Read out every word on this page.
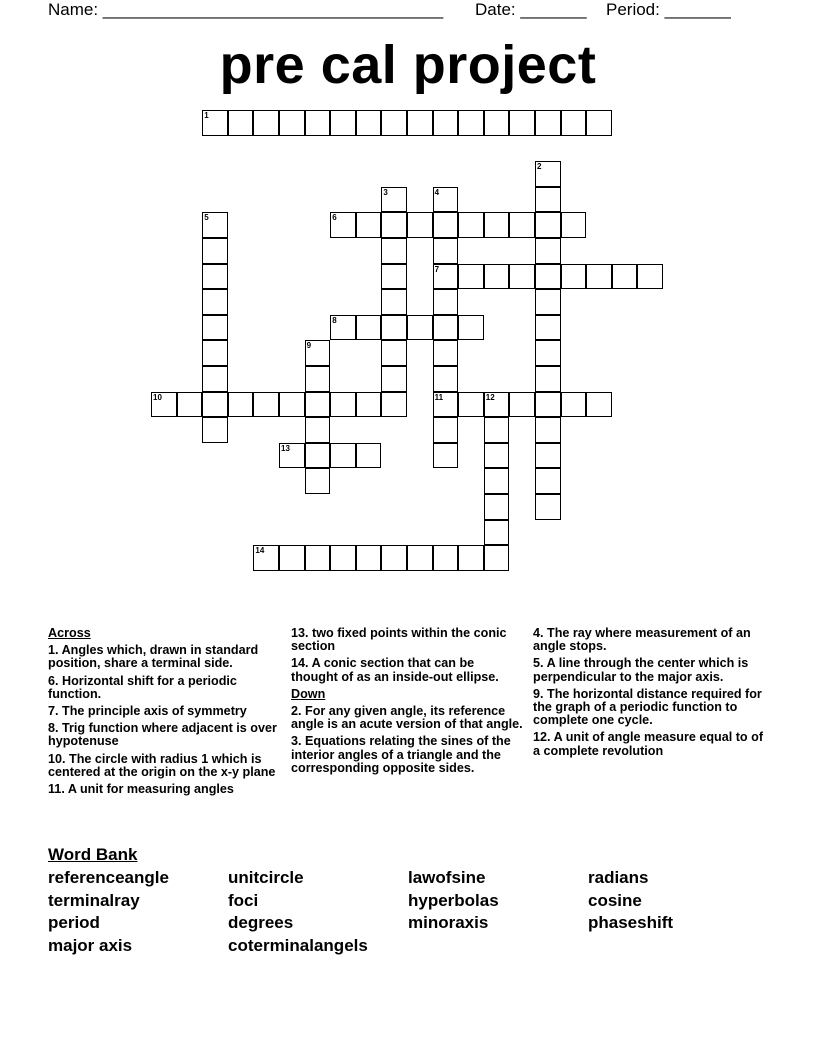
Name: ____________________________________ Date: _______ Period: _______
pre cal project
1
2
3	4
5	6
7
8
9
10	11	12
13
14
Across
1. Angles which, drawn in standard position, share a terminal side.
6. Horizontal shift for a periodic function.
7. The principle axis of symmetry
8. Trig function where adjacent is over hypotenuse
10. The circle with radius 1 which is centered at the origin on the x-y plane
11. A unit for measuring angles
13. two fixed points within the conic section
14. A conic section that can be thought of as an inside-out ellipse.
Down
2. For any given angle, its reference angle is an acute version of that angle.
3. Equations relating the sines of the interior angles of a triangle and the corresponding opposite sides.
4. The ray where measurement of an angle stops.
5. A line through the center which is perpendicular to the major axis.
9. The horizontal distance required for the graph of a periodic function to complete one cycle.
12. A unit of angle measure equal to of a complete revolution
Word Bank
referenceangle	unitcircle	lawofsine	radians
terminalray	foci	hyperbolas	cosine
period	degrees	minoraxis	phaseshift
major axis	coterminalangels
